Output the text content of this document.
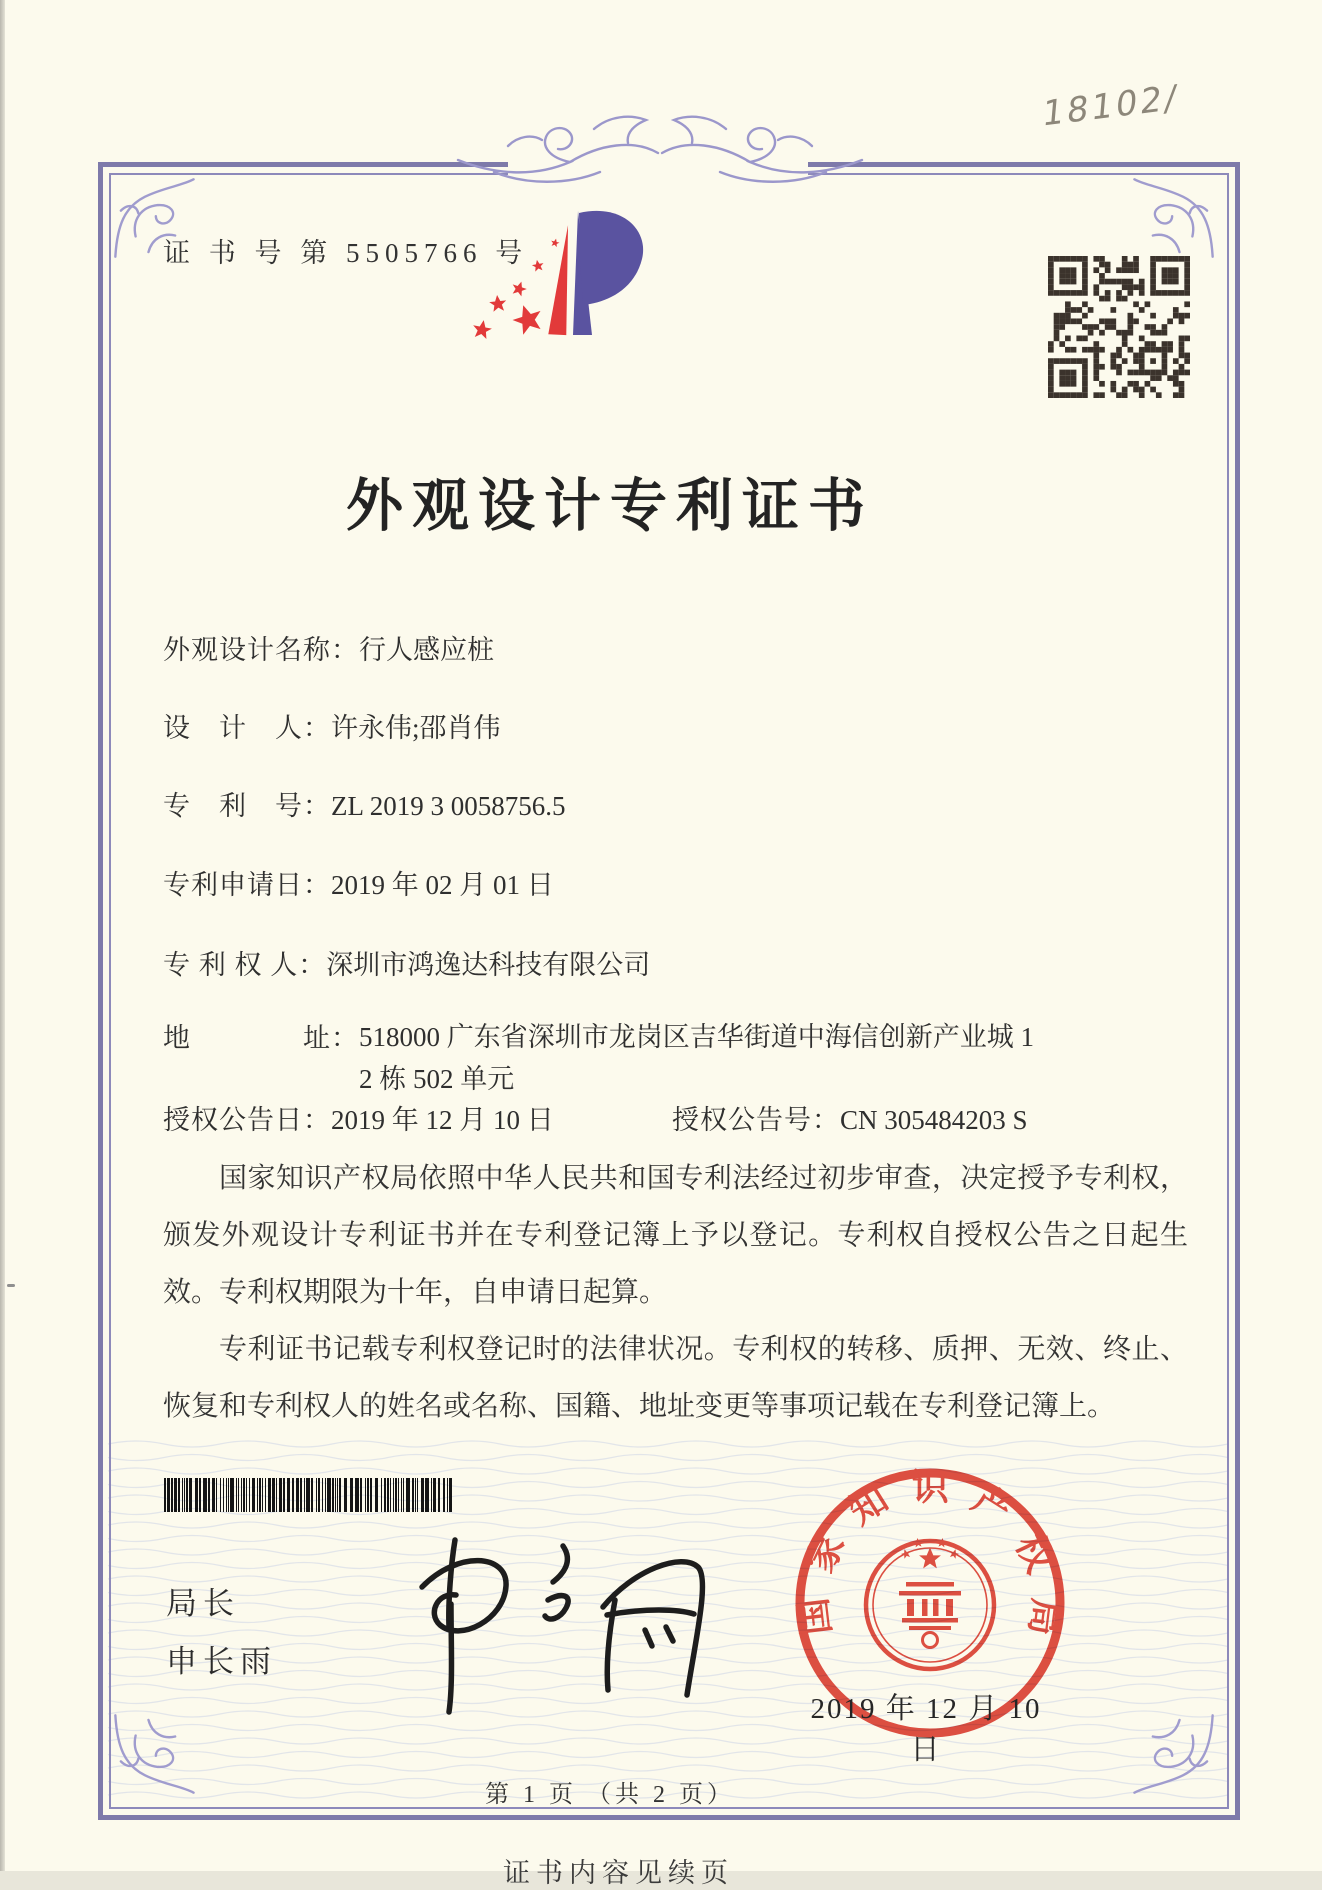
18102/
证 书 号 第 5505766 号
外观设计专利证书
外观设计名称：行人感应桩
设　计　人：许永伟;邵肖伟
专　利　号：ZL 2019 3 0058756.5
专利申请日：2019 年 02 月 01 日
专 利 权 人：深圳市鸿逸达科技有限公司
地　　　　址：518000 广东省深圳市龙岗区吉华街道中海信创新产业城 1
2 栋 502 单元
授权公告日：2019 年 12 月 10 日	授权公告号：CN 305484203 S

国家知识产权局依照中华人民共和国专利法经过初步审查，决定授予专利权，颁发外观设计专利证书并在专利登记簿上予以登记。专利权自授权公告之日起生效。专利权期限为十年，自申请日起算。

专利证书记载专利权登记时的法律状况。专利权的转移、质押、无效、终止、恢复和专利权人的姓名或名称、国籍、地址变更等事项记载在专利登记簿上。

局长
申长雨
国家知识产权局
2019 年 12 月 10 日
第 1 页 （共 2 页）
证书内容见续页
